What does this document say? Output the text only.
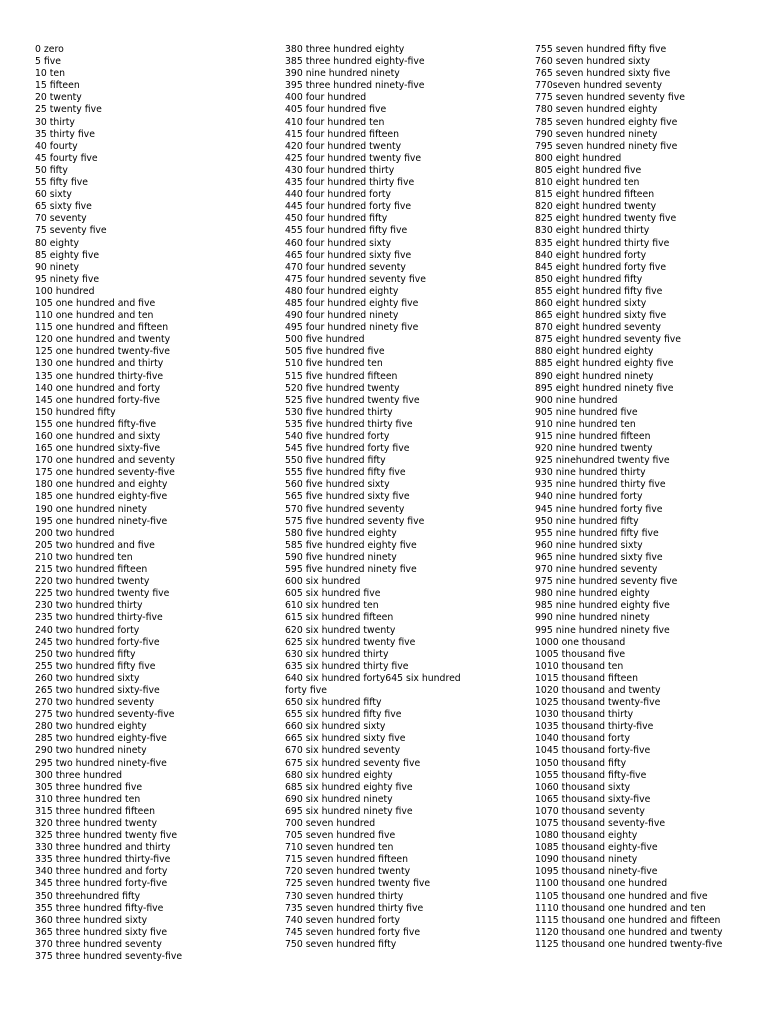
0 zero
5 five
10 ten
15 fifteen
20 twenty
25 twenty five
30 thirty
35 thirty five
40 fourty
45 fourty five
50 fifty
55 fifty five
60 sixty
65 sixty five
70 seventy
75 seventy five
80 eighty
85 eighty five
90 ninety
95 ninety five
100 hundred
105 one hundred and five
110 one hundred and ten
115 one hundred and fifteen
120 one hundred and twenty
125 one hundred twenty-five
130 one hundred and thirty
135 one hundred thirty-five
140 one hundred and forty
145 one hundred forty-five
150 hundred fifty
155 one hundred fifty-five
160 one hundred and sixty
165 one hundred sixty-five
170 one hundred and seventy
175 one hundred seventy-five
180 one hundred and eighty
185 one hundred eighty-five
190 one hundred ninety
195 one hundred ninety-five
200 two hundred
205 two hundred and five
210 two hundred ten
215 two hundred fifteen
220 two hundred twenty
225 two hundred twenty five
230 two hundred thirty
235 two hundred thirty-five
240 two hundred forty
245 two hundred forty-five
250 two hundred fifty
255 two hundred fifty five
260 two hundred sixty
265 two hundred sixty-five
270 two hundred seventy
275 two hundred seventy-five
280 two hundred eighty
285 two hundred eighty-five
290 two hundred ninety
295 two hundred ninety-five
300 three hundred
305 three hundred five
310 three hundred ten
315 three hundred fifteen
320 three hundred twenty
325 three hundred twenty five
330 three hundred and thirty
335 three hundred thirty-five
340 three hundred and forty
345 three hundred forty-five
350 threehundred fifty
355 three hundred fifty-five
360 three hundred sixty
365 three hundred sixty five
370 three hundred seventy
375 three hundred seventy-five
380 three hundred eighty
385 three hundred eighty-five
390 nine hundred ninety
395 three hundred ninety-five
400 four hundred
405 four hundred five
410 four hundred ten
415 four hundred fifteen
420 four hundred twenty
425 four hundred twenty five
430 four hundred thirty
435 four hundred thirty five
440 four hundred forty
445 four hundred forty five
450 four hundred fifty
455 four hundred fifty five
460 four hundred sixty
465 four hundred sixty five
470 four hundred seventy
475 four hundred seventy five
480 four hundred eighty
485 four hundred eighty five
490 four hundred ninety
495 four hundred ninety five
500 five hundred
505 five hundred five
510 five hundred ten
515 five hundred fifteen
520 five hundred twenty
525 five hundred twenty five
530 five hundred thirty
535 five hundred thirty five
540 five hundred forty
545 five hundred forty five
550 five hundred fifty
555 five hundred fifty five
560 five hundred sixty
565 five hundred sixty five
570 five hundred seventy
575 five hundred seventy five
580 five hundred eighty
585 five hundred eighty five
590 five hundred ninety
595 five hundred ninety five
600 six hundred
605 six hundred five
610 six hundred ten
615 six hundred fifteen
620 six hundred twenty
625 six hundred twenty five
630 six hundred thirty
635 six hundred thirty five
640 six hundred forty645 six hundred forty five
650 six hundred fifty
655 six hundred fifty five
660 six hundred sixty
665 six hundred sixty five
670 six hundred seventy
675 six hundred seventy five
680 six hundred eighty
685 six hundred eighty five
690 six hundred ninety
695 six hundred ninety five
700 seven hundred
705 seven hundred five
710 seven hundred ten
715 seven hundred fifteen
720 seven hundred twenty
725 seven hundred twenty five
730 seven hundred thirty
735 seven hundred thirty five
740 seven hundred forty
745 seven hundred forty five
750 seven hundred fifty
755 seven hundred fifty five
760 seven hundred sixty
765 seven hundred sixty five
770seven hundred seventy
775 seven hundred seventy five
780 seven hundred eighty
785 seven hundred eighty five
790 seven hundred ninety
795 seven hundred ninety five
800 eight hundred
805 eight hundred five
810 eight hundred ten
815 eight hundred fifteen
820 eight hundred twenty
825 eight hundred twenty five
830 eight hundred thirty
835 eight hundred thirty five
840 eight hundred forty
845 eight hundred forty five
850 eight hundred fifty
855 eight hundred fifty five
860 eight hundred sixty
865 eight hundred sixty five
870 eight hundred seventy
875 eight hundred seventy five
880 eight hundred eighty
885 eight hundred eighty five
890 eight hundred ninety
895 eight hundred ninety five
900 nine hundred
905 nine hundred five
910 nine hundred ten
915 nine hundred fifteen
920 nine hundred twenty
925 ninehundred twenty five
930 nine hundred thirty
935 nine hundred thirty five
940 nine hundred forty
945 nine hundred forty five
950 nine hundred fifty
955 nine hundred fifty five
960 nine hundred sixty
965 nine hundred sixty five
970 nine hundred seventy
975 nine hundred seventy five
980 nine hundred eighty
985 nine hundred eighty five
990 nine hundred ninety
995 nine hundred ninety five
1000 one thousand
1005 thousand five
1010 thousand ten
1015 thousand fifteen
1020 thousand and twenty
1025 thousand twenty-five
1030 thousand thirty
1035 thousand thirty-five
1040 thousand forty
1045 thousand forty-five
1050 thousand fifty
1055 thousand fifty-five
1060 thousand sixty
1065 thousand sixty-five
1070 thousand seventy
1075 thousand seventy-five
1080 thousand eighty
1085 thousand eighty-five
1090 thousand ninety
1095 thousand ninety-five
1100 thousand one hundred
1105 thousand one hundred and five
1110 thousand one hundred and ten
1115 thousand one hundred and fifteen
1120 thousand one hundred and twenty
1125 thousand one hundred twenty-five
